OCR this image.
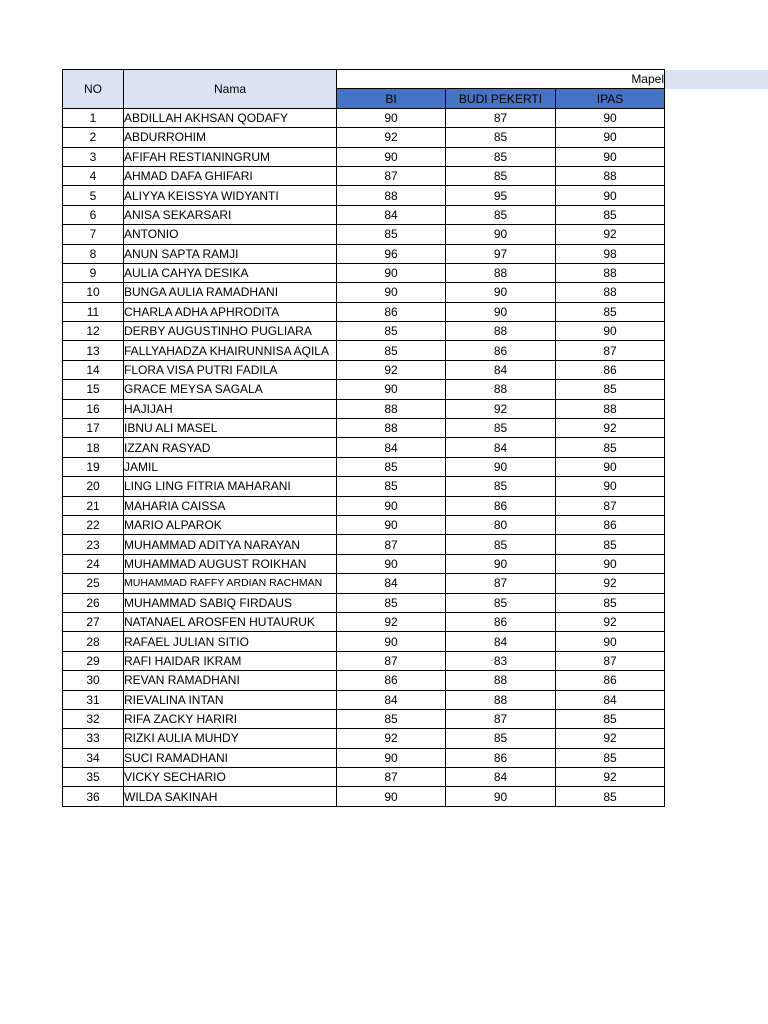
NO	Nama	Mapel		
		BI	BUDI PEKERTI	IPAS
1	ABDILLAH AKHSAN QODAFY	90	87	90
2	ABDURROHIM	92	85	90
3	AFIFAH RESTIANINGRUM	90	85	90
4	AHMAD DAFA GHIFARI	87	85	88
5	ALIYYA KEISSYA WIDYANTI	88	95	90
6	ANISA SEKARSARI	84	85	85
7	ANTONIO	85	90	92
8	ANUN SAPTA RAMJI	96	97	98
9	AULIA CAHYA DESIKA	90	88	88
10	BUNGA AULIA RAMADHANI	90	90	88
11	CHARLA ADHA APHRODITA	86	90	85
12	DERBY AUGUSTINHO PUGLIARA	85	88	90
13	FALLYAHADZA KHAIRUNNISA AQILA	85	86	87
14	FLORA VISA PUTRI FADILA	92	84	86
15	GRACE MEYSA SAGALA	90	88	85
16	HAJIJAH	88	92	88
17	IBNU ALI MASEL	88	85	92
18	IZZAN RASYAD	84	84	85
19	JAMIL	85	90	90
20	LING LING FITRIA MAHARANI	85	85	90
21	MAHARIA CAISSA	90	86	87
22	MARIO ALPAROK	90	80	86
23	MUHAMMAD ADITYA NARAYAN	87	85	85
24	MUHAMMAD AUGUST ROIKHAN	90	90	90
25	MUHAMMAD RAFFY ARDIAN RACHMAN	84	87	92
26	MUHAMMAD SABIQ FIRDAUS	85	85	85
27	NATANAEL AROSFEN HUTAURUK	92	86	92
28	RAFAEL JULIAN SITIO	90	84	90
29	RAFI HAIDAR IKRAM	87	83	87
30	REVAN RAMADHANI	86	88	86
31	RIEVALINA INTAN	84	88	84
32	RIFA ZACKY HARIRI	85	87	85
33	RIZKI AULIA MUHDY	92	85	92
34	SUCI RAMADHANI	90	86	85
35	VICKY SECHARIO	87	84	92
36	WILDA SAKINAH	90	90	85
